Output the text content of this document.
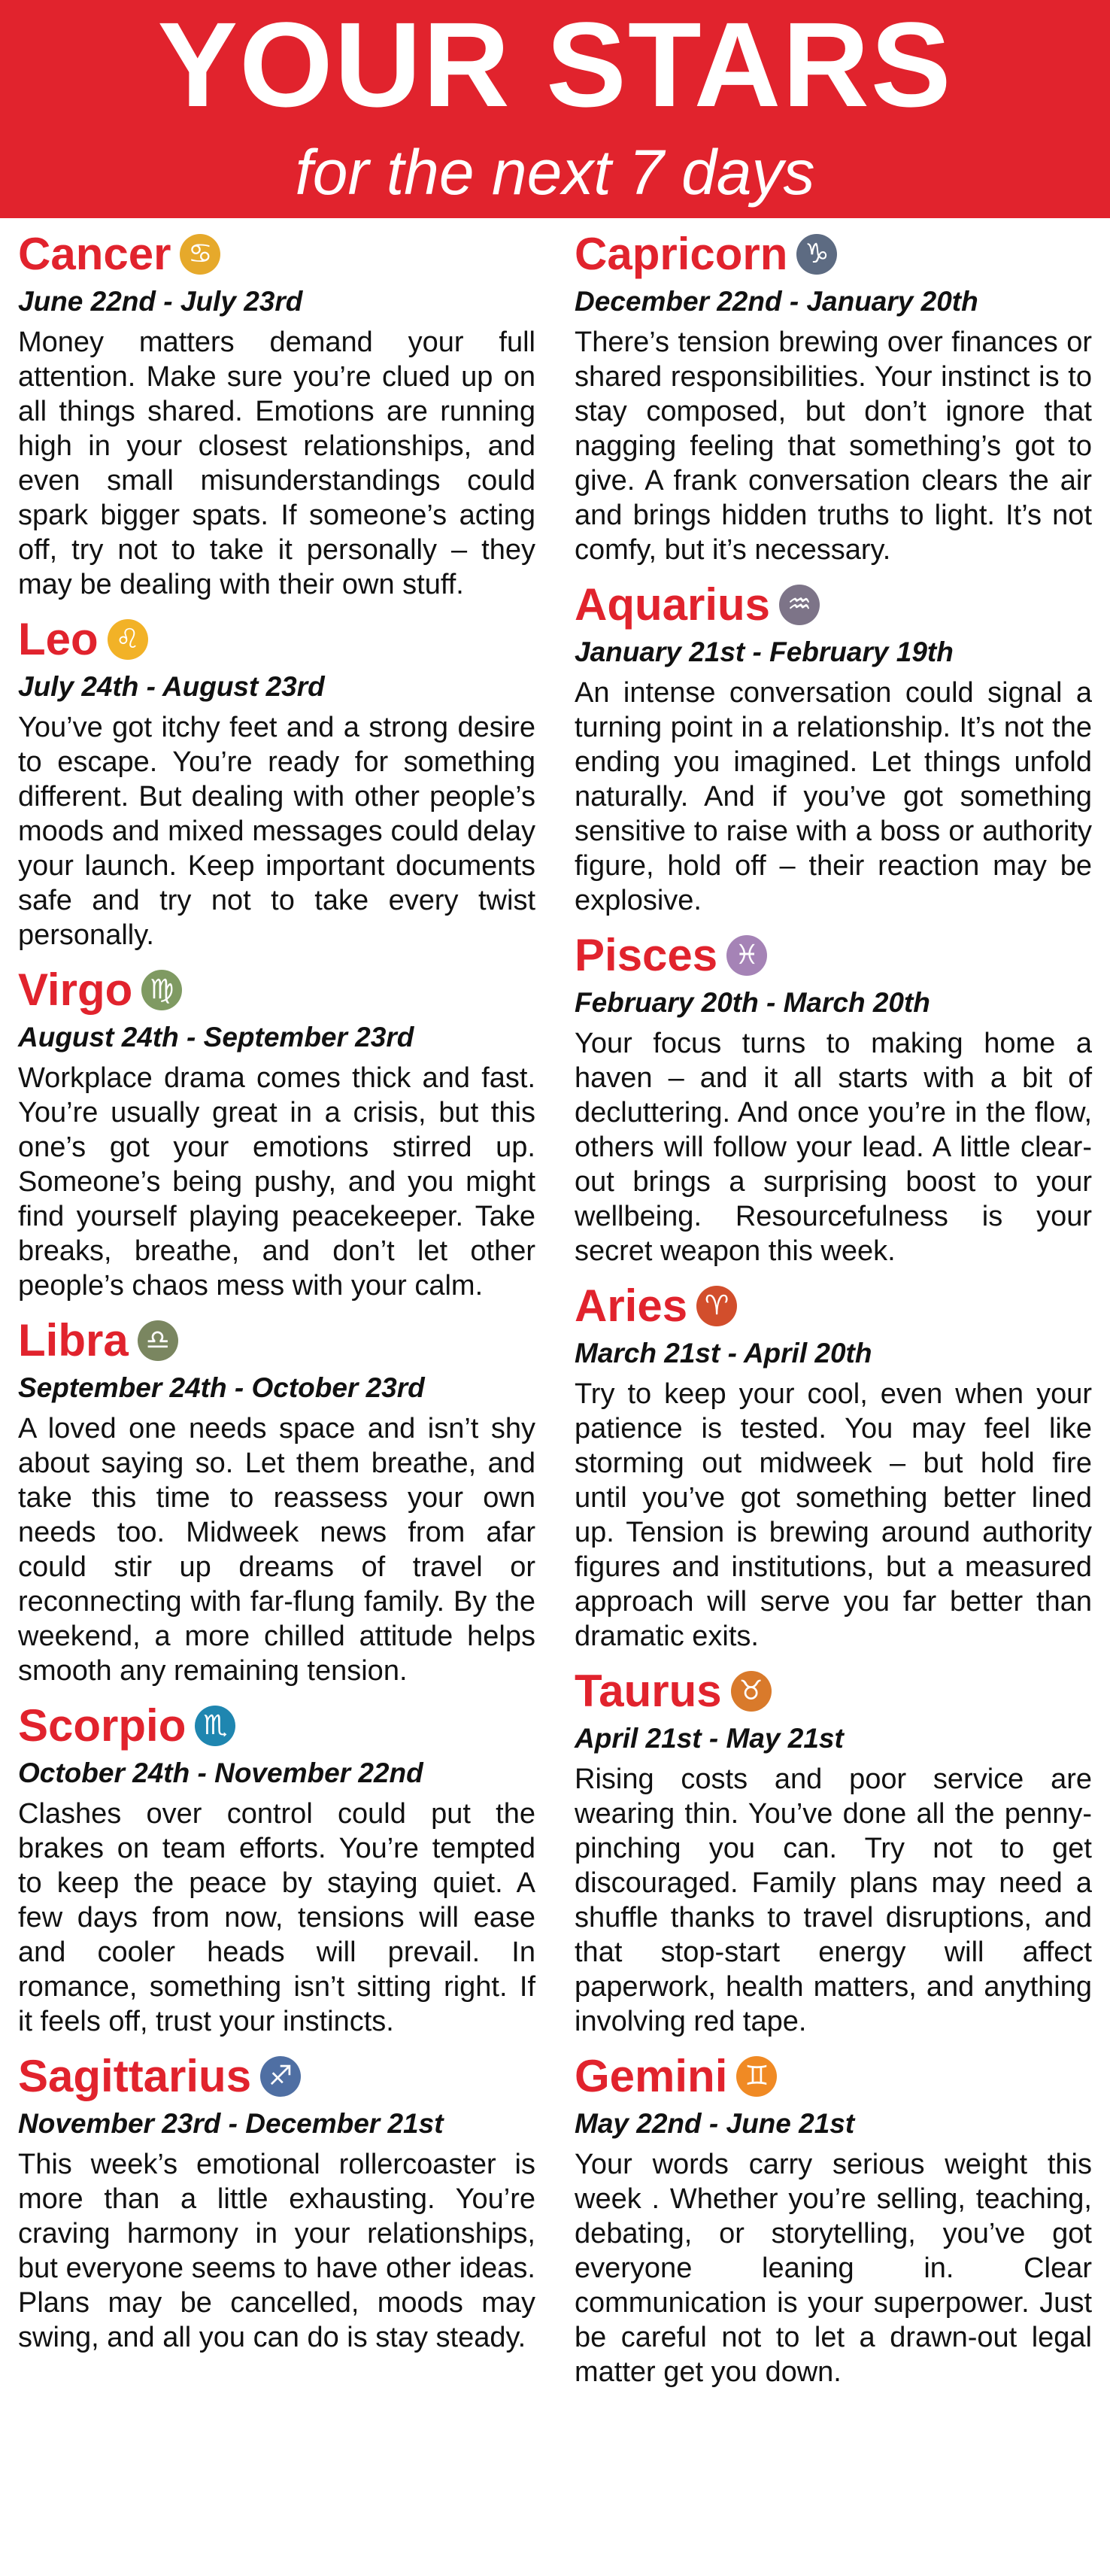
YOUR STARS
for the next 7 days
Cancer ♋
June 22nd - July 23rd

Money matters demand your full attention. Make sure you’re clued up on all things shared. Emotions are running high in your closest relationships, and even small misunderstandings could spark bigger spats. If someone’s acting off, try not to take it personally – they may be dealing with their own stuff.

Leo ♌
July 24th - August 23rd

You’ve got itchy feet and a strong desire to escape. You’re ready for something different. But dealing with other people’s moods and mixed messages could delay your launch. Keep important documents safe and try not to take every twist personally.

Virgo ♍
August 24th - September 23rd

Workplace drama comes thick and fast. You’re usually great in a crisis, but this one’s got your emotions stirred up. Someone’s being pushy, and you might find yourself playing peacekeeper. Take breaks, breathe, and don’t let other people’s chaos mess with your calm.

Libra ♎
September 24th - October 23rd

A loved one needs space and isn’t shy about saying so. Let them breathe, and take this time to reassess your own needs too. Midweek news from afar could stir up dreams of travel or reconnecting with far-flung family. By the weekend, a more chilled attitude helps smooth any remaining tension.

Scorpio ♏
October 24th - November 22nd

Clashes over control could put the brakes on team efforts. You’re tempted to keep the peace by staying quiet. A few days from now, tensions will ease and cooler heads will prevail. In romance, something isn’t sitting right. If it feels off, trust your instincts.

Sagittarius ♐
November 23rd - December 21st

This week’s emotional rollercoaster is more than a little exhausting. You’re craving harmony in your relationships, but everyone seems to have other ideas. Plans may be cancelled, moods may swing, and all you can do is stay steady.

Capricorn ♑
December 22nd - January 20th

There’s tension brewing over finances or shared responsibilities. Your instinct is to stay composed, but don’t ignore that nagging feeling that something’s got to give. A frank conversation clears the air and brings hidden truths to light. It’s not comfy, but it’s necessary.

Aquarius ♒
January 21st - February 19th

An intense conversation could signal a turning point in a relationship. It’s not the ending you imagined. Let things unfold naturally. And if you’ve got something sensitive to raise with a boss or authority figure, hold off – their reaction may be explosive.

Pisces ♓
February 20th - March 20th

Your focus turns to making home a haven – and it all starts with a bit of decluttering. And once you’re in the flow, others will follow your lead. A little clear-out brings a surprising boost to your wellbeing. Resourcefulness is your secret weapon this week.

Aries ♈
March 21st - April 20th

Try to keep your cool, even when your patience is tested. You may feel like storming out midweek – but hold fire until you’ve got something better lined up. Tension is brewing around authority figures and institutions, but a measured approach will serve you far better than dramatic exits.

Taurus ♉
April 21st - May 21st

Rising costs and poor service are wearing thin. You’ve done all the penny-pinching you can. Try not to get discouraged. Family plans may need a shuffle thanks to travel disruptions, and that stop-start energy will affect paperwork, health matters, and anything involving red tape.

Gemini ♊
May 22nd - June 21st

Your words carry serious weight this week . Whether you’re selling, teaching, debating, or storytelling, you’ve got everyone leaning in. Clear communication is your superpower. Just be careful not to let a drawn-out legal matter get you down.
